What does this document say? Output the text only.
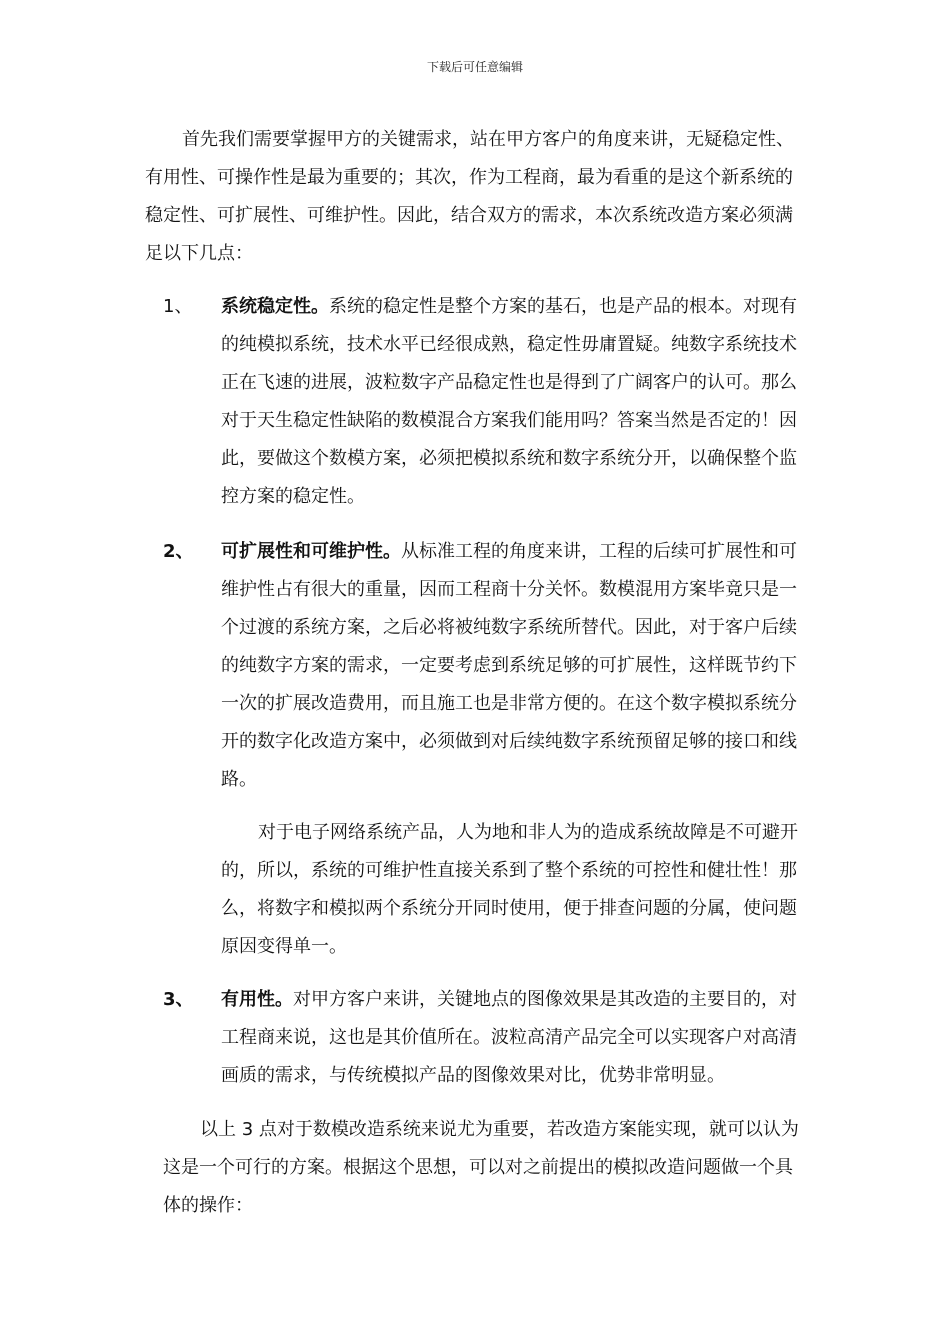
下载后可任意编辑

首先我们需要掌握甲方的关键需求，站在甲方客户的角度来讲，无疑稳定性、有用性、可操作性是最为重要的；其次，作为工程商，最为看重的是这个新系统的稳定性、可扩展性、可维护性。因此，结合双方的需求，本次系统改造方案必须满足以下几点：

1、 系统稳定性。系统的稳定性是整个方案的基石，也是产品的根本。对现有的纯模拟系统，技术水平已经很成熟，稳定性毋庸置疑。纯数字系统技术正在飞速的进展，波粒数字产品稳定性也是得到了广阔客户的认可。那么对于天生稳定性缺陷的数模混合方案我们能用吗？答案当然是否定的！因此，要做这个数模方案，必须把模拟系统和数字系统分开，以确保整个监控方案的稳定性。
2、 可扩展性和可维护性。从标准工程的角度来讲，工程的后续可扩展性和可维护性占有很大的重量，因而工程商十分关怀。数模混用方案毕竟只是一个过渡的系统方案，之后必将被纯数字系统所替代。因此，对于客户后续的纯数字方案的需求，一定要考虑到系统足够的可扩展性，这样既节约下一次的扩展改造费用，而且施工也是非常方便的。在这个数字模拟系统分开的数字化改造方案中，必须做到对后续纯数字系统预留足够的接口和线路。

对于电子网络系统产品，人为地和非人为的造成系统故障是不可避开的，所以，系统的可维护性直接关系到了整个系统的可控性和健壮性！那么，将数字和模拟两个系统分开同时使用，便于排查问题的分属，使问题原因变得单一。

3、 有用性。对甲方客户来讲，关键地点的图像效果是其改造的主要目的，对工程商来说，这也是其价值所在。波粒高清产品完全可以实现客户对高清画质的需求，与传统模拟产品的图像效果对比，优势非常明显。

以上 3 点对于数模改造系统来说尤为重要，若改造方案能实现，就可以认为这是一个可行的方案。根据这个思想，可以对之前提出的模拟改造问题做一个具体的操作：
